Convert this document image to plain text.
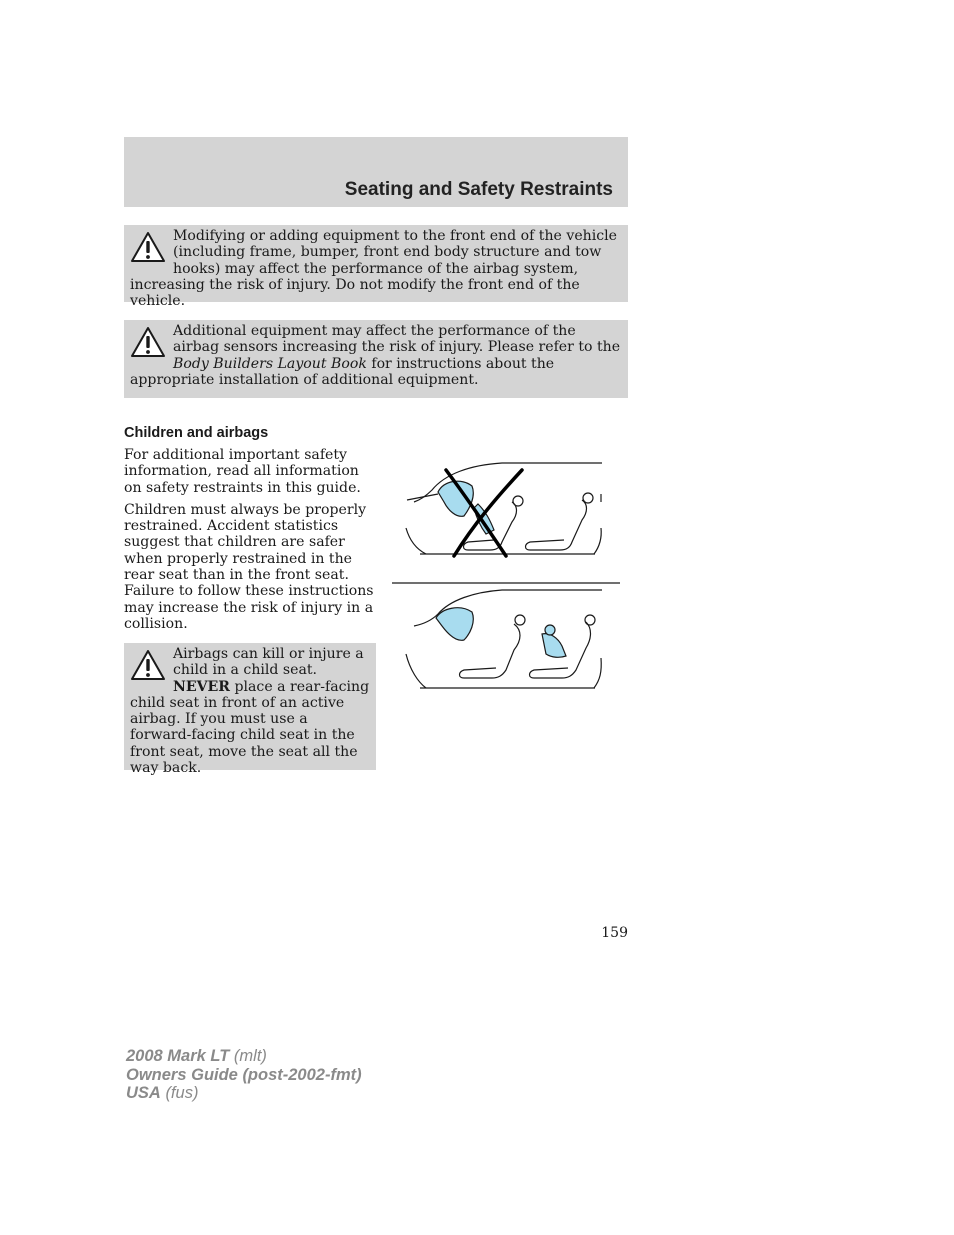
Seating and Safety Restraints

Modifying or adding equipment to the front end of the vehicle (including frame, bumper, front end body structure and tow hooks) may affect the performance of the airbag system, increasing the risk of injury. Do not modify the front end of the vehicle.

Additional equipment may affect the performance of the airbag sensors increasing the risk of injury. Please refer to the Body Builders Layout Book for instructions about the appropriate installation of additional equipment.

Children and airbags

For additional important safety information, read all information on safety restraints in this guide.

Children must always be properly restrained. Accident statistics suggest that children are safer when properly restrained in the rear seat than in the front seat. Failure to follow these instructions may increase the risk of injury in a collision.

Airbags can kill or injure a child in a child seat. NEVER place a rear-facing child seat in front of an active airbag. If you must use a forward-facing child seat in the front seat, move the seat all the way back.

159
2008 Mark LT (mlt)
Owners Guide (post-2002-fmt)
USA (fus)
